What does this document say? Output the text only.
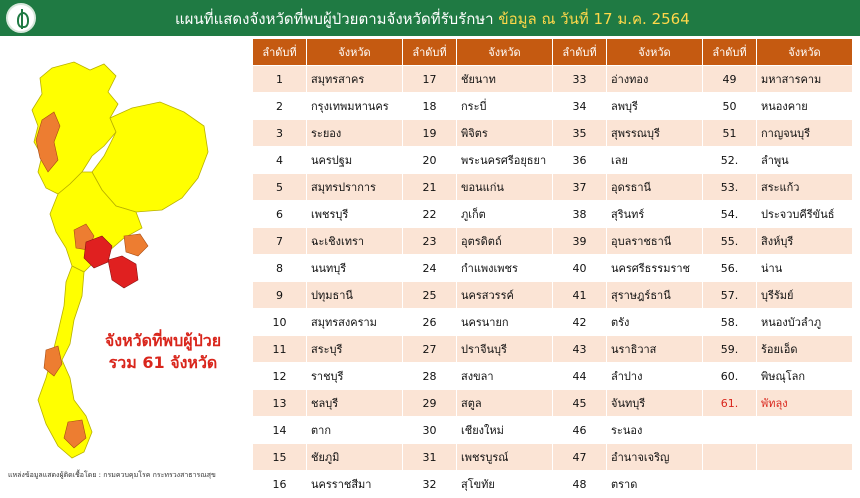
แผนที่แสดงจังหวัดที่พบผู้ป่วยตามจังหวัดที่รับรักษา ข้อมูล ณ วันที่ 17 ม.ค. 2564
จังหวัดที่พบผู้ป่วย
รวม 61 จังหวัด
แหล่งข้อมูลแสดงผู้ติดเชื้อโดย : กรมควบคุมโรค กระทรวงสาธารณสุข
ลำดับที่	จังหวัด	ลำดับที่	จังหวัด	ลำดับที่	จังหวัด	ลำดับที่	จังหวัด
1	สมุทรสาคร	17	ชัยนาท	33	อ่างทอง	49	มหาสารคาม
2	กรุงเทพมหานคร	18	กระบี่	34	ลพบุรี	50	หนองคาย
3	ระยอง	19	พิจิตร	35	สุพรรณบุรี	51	กาญจนบุรี
4	นครปฐม	20	พระนครศรีอยุธยา	36	เลย	52.	ลำพูน
5	สมุทรปราการ	21	ขอนแก่น	37	อุดรธานี	53.	สระแก้ว
6	เพชรบุรี	22	ภูเก็ต	38	สุรินทร์	54.	ประจวบคีรีขันธ์
7	ฉะเชิงเทรา	23	อุตรดิตถ์	39	อุบลราชธานี	55.	สิงห์บุรี
8	นนทบุรี	24	กำแพงเพชร	40	นครศรีธรรมราช	56.	น่าน
9	ปทุมธานี	25	นครสวรรค์	41	สุราษฎร์ธานี	57.	บุรีรัมย์
10	สมุทรสงคราม	26	นครนายก	42	ตรัง	58.	หนองบัวลำภู
11	สระบุรี	27	ปราจีนบุรี	43	นราธิวาส	59.	ร้อยเอ็ด
12	ราชบุรี	28	สงขลา	44	ลำปาง	60.	พิษณุโลก
13	ชลบุรี	29	สตูล	45	จันทบุรี	61.	พัทลุง
14	ตาก	30	เชียงใหม่	46	ระนอง		
15	ชัยภูมิ	31	เพชรบูรณ์	47	อำนาจเจริญ		
16	นครราชสีมา	32	สุโขทัย	48	ตราด		
